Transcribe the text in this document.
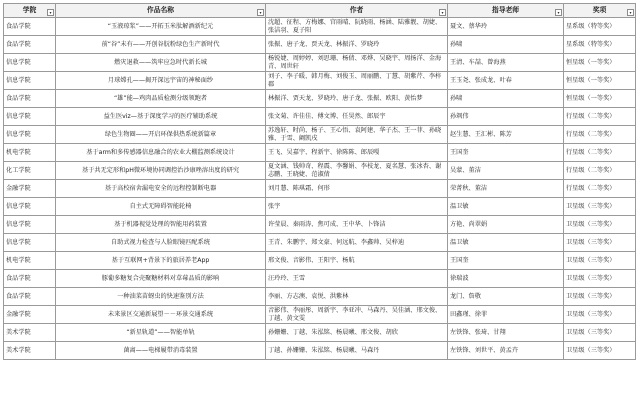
学院 ▾	作品名称 ▾	作者 ▾	指导老师 ▾	奖项 ▾

食品学院	“玉液琼浆”——开拓玉米肽解酒新纪元	沈超、征程、方梅娜、宫雨晴、阮晓雨、杨涵、陆雅靓、胡婕、张洁羽、夏子阳	聂文、蔡华玲	星系级（特等奖）
食品学院	前“谷”未有——开创谷朊粉绿色生产新时代	张振、唐子龙、贾天龙、林振洋、罗晓玲	孙啸	星系级（特等奖）
信息学院	燃灾退救——筑牢应急时代新长城	杨锐婕、周婷婷、刘思珊、杨倩、邓烨、吴晓宇、周扬洋、金海青、周世轩	王清、车喆、曾海燕	恒星级（一等奖）
信息学院	月球嫦孔——揭开深远宇宙的神秘面纱	刘子、李子暖、韩月梅、刘俊玉、周丽鹏、丁慧、胡紫芹、李梓郡	王玉尧、张成龙、叶春	恒星级（一等奖）
食品学院	“雄”能—鸡肉品质检测分级领跑者	林振洋、贾天龙、罗晓玲、唐子龙、张振、欧阳、黄怡梦	孙啸	恒星级（一等奖）
信息学院	益生医viz—基于深度学习的医疗辅助系统	张文菊、许佳佳、傅文博、任昊然、郎辰宇	孙飒伟	行星级（二等奖）
信息学院	绿色生物圈——开启环保供热系统新篇章	苏逸轩、时尚、杨子、王心悟、袁阿建、华子杰、王一菲、孙晓雅、于雪、阚凯戌	赵生慧、王汇彬、陈芳	行星级（二等奖）
机电学院	基于arm和多传感器信息融合的农业大棚监测系统设计	王飞、吴嘉宇、程新宇、徐陈陈、郎辰嘎	王国奎	行星级（二等奖）
化工学院	基于共无定形和pH微环境协同调控治沙康唑溶出度的研究	夏文涵、钱帅奇、程震、李馨娟、李枝龙、夏名慧、张冰杏、谢志鹏、王晓婕、范淑倩	吴蒙、董洁	行星级（二等奖）
金融学院	基于高校宿舍漏电安全的远程控制断电器	刘月慧、陈琪霜、何形	荣菁秋、董洁	行星级（二等奖）
信息学院	自主式无障碍智能轮椅	张宇	温卫敏	卫星级（三等奖）
信息学院	基于机器视觉处理的智能用药装置	许莹晨、秦雨涛、焦可成、王中华、卜锋洁	方艳、尚翠娟	卫星级（三等奖）
信息学院	自助式视力检查与人脸眼镜匹配系统	王青、朱鹏宇、郑文豪、何远航、李鑫帅、吴梓迪	温卫敏	卫星级（三等奖）
机电学院	基于互联网+背景下的旅居养老App	邢文俊、音影伟、王阳宇、杨航	王国奎	卫星级（三等奖）
食品学院	豚葡多糖复合壳聚糖材料对草莓品质的影响	汪玲玲、王雪	徐瑞波	卫星级（三等奖）
食品学院	一种油菜苗蚜虫的快速鉴别方法	李丽、方志澳、袁悦、洪紫林	龙门、詹敬	卫星级（三等奖）
金融学院	未来景区交通新展望－－环景交通系统	音影伟、李丽彤、周新宇、李亚冲、马森丹、吴佳涵、邢文俊、丁越、黄文雯	田鑫瑾、徐菲	卫星级（三等奖）
美术学院	“新星轨道”——智能单轨	孙姗姗、丁越、朱泓铭、杨晨曦、邢文俊、胡欣	左铁锋、张琦、甘翔	卫星级（三等奖）
美术学院	菌离——电梯履带消毒装置	丁越、孙姗姗、朱泓铭、杨晨曦、马森丹	左铁锋、刘世平、黄孟卉	卫星级（三等奖）
